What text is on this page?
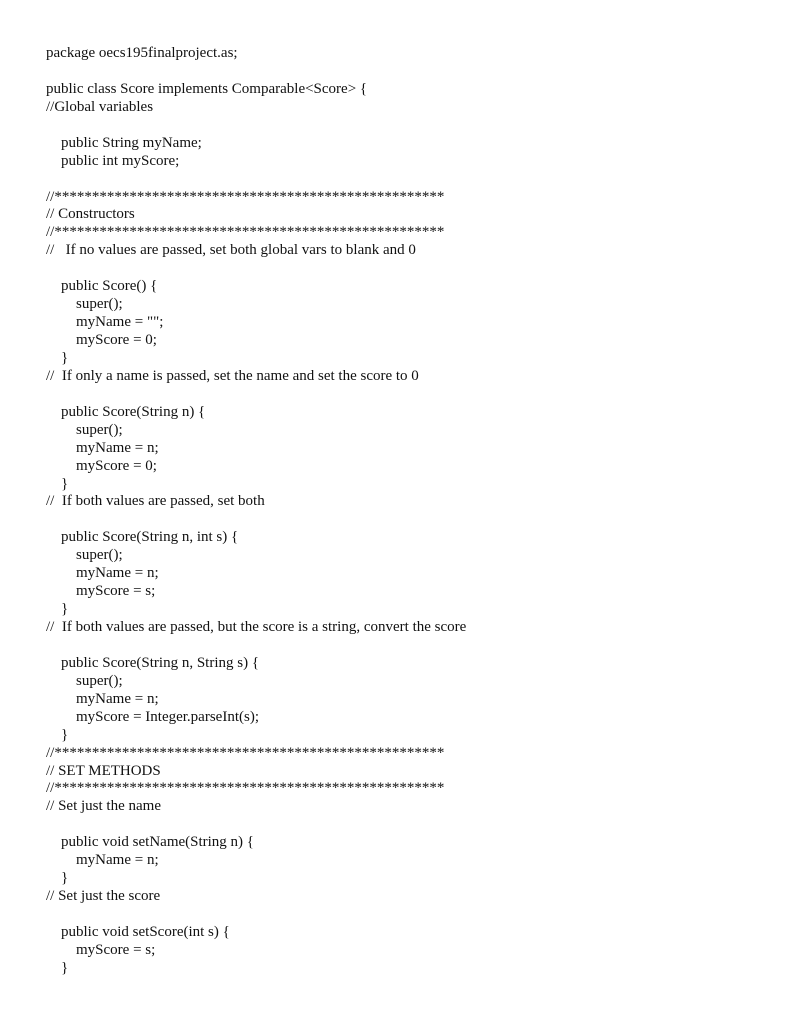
package oecs195finalproject.as;
public class Score implements Comparable<Score> {
//Global variables
public String myName;
public int myScore;
//****************************************************
// Constructors
//****************************************************
//   If no values are passed, set both global vars to blank and 0
public Score() {
super();
myName = "";
myScore = 0;
}
//  If only a name is passed, set the name and set the score to 0
public Score(String n) {
super();
myName = n;
myScore = 0;
}
//  If both values are passed, set both
public Score(String n, int s) {
super();
myName = n;
myScore = s;
}
//  If both values are passed, but the score is a string, convert the score
public Score(String n, String s) {
super();
myName = n;
myScore = Integer.parseInt(s);
}
//****************************************************
// SET METHODS
//****************************************************
// Set just the name
public void setName(String n) {
myName = n;
}
// Set just the score
public void setScore(int s) {
myScore = s;
}
